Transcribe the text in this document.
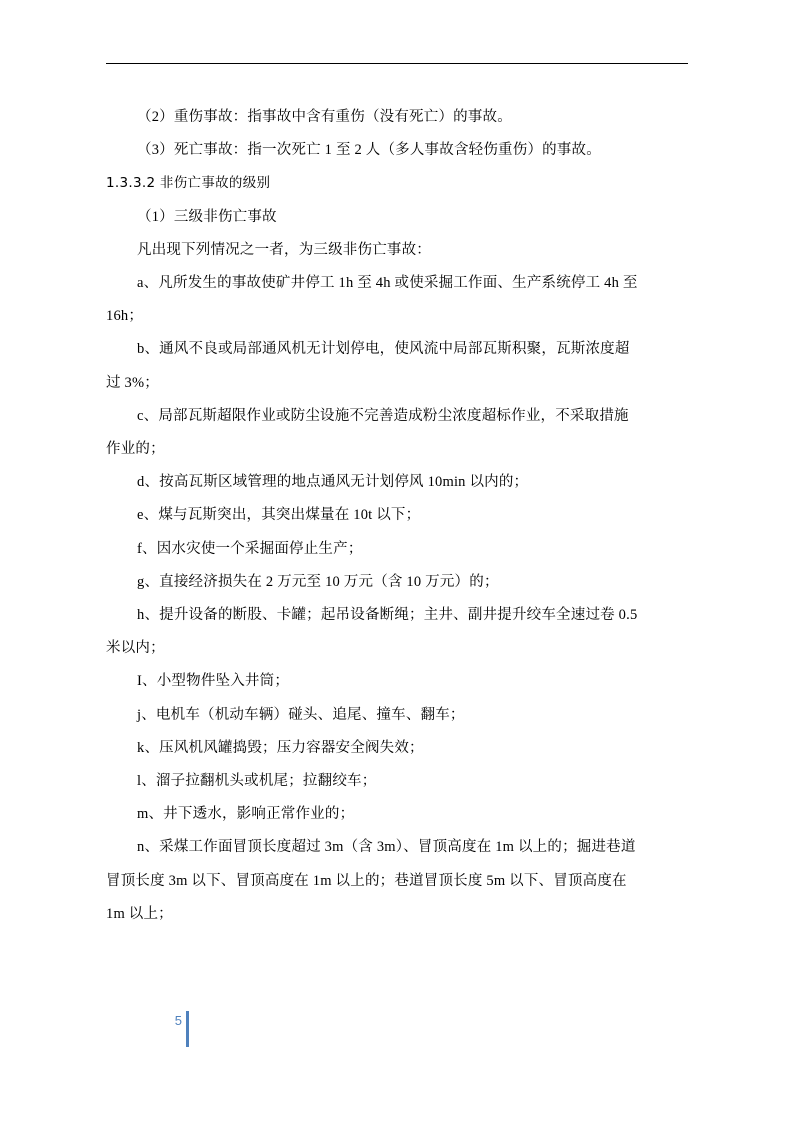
（2）重伤事故：指事故中含有重伤（没有死亡）的事故。

（3）死亡事故：指一次死亡 1 至 2 人（多人事故含轻伤重伤）的事故。

1.3.3.2 非伤亡事故的级别

（1）三级非伤亡事故

凡出现下列情况之一者，为三级非伤亡事故：

a、凡所发生的事故使矿井停工 1h 至 4h 或使采掘工作面、生产系统停工 4h 至

16h；

b、通风不良或局部通风机无计划停电，使风流中局部瓦斯积聚，瓦斯浓度超

过 3%；

c、局部瓦斯超限作业或防尘设施不完善造成粉尘浓度超标作业，不采取措施

作业的；

d、按高瓦斯区域管理的地点通风无计划停风 10min 以内的；

e、煤与瓦斯突出，其突出煤量在 10t 以下；

f、因水灾使一个采掘面停止生产；

g、直接经济损失在 2 万元至 10 万元（含 10 万元）的；

h、提升设备的断股、卡罐；起吊设备断绳；主井、副井提升绞车全速过卷 0.5

米以内；

I、小型物件坠入井筒；

j、电机车（机动车辆）碰头、追尾、撞车、翻车；

k、压风机风罐捣毁；压力容器安全阀失效；

l、溜子拉翻机头或机尾；拉翻绞车；

m、井下透水，影响正常作业的；

n、采煤工作面冒顶长度超过 3m（含 3m）、冒顶高度在 1m 以上的；掘进巷道

冒顶长度 3m 以下、冒顶高度在 1m 以上的；巷道冒顶长度 5m 以下、冒顶高度在

1m 以上；

5
